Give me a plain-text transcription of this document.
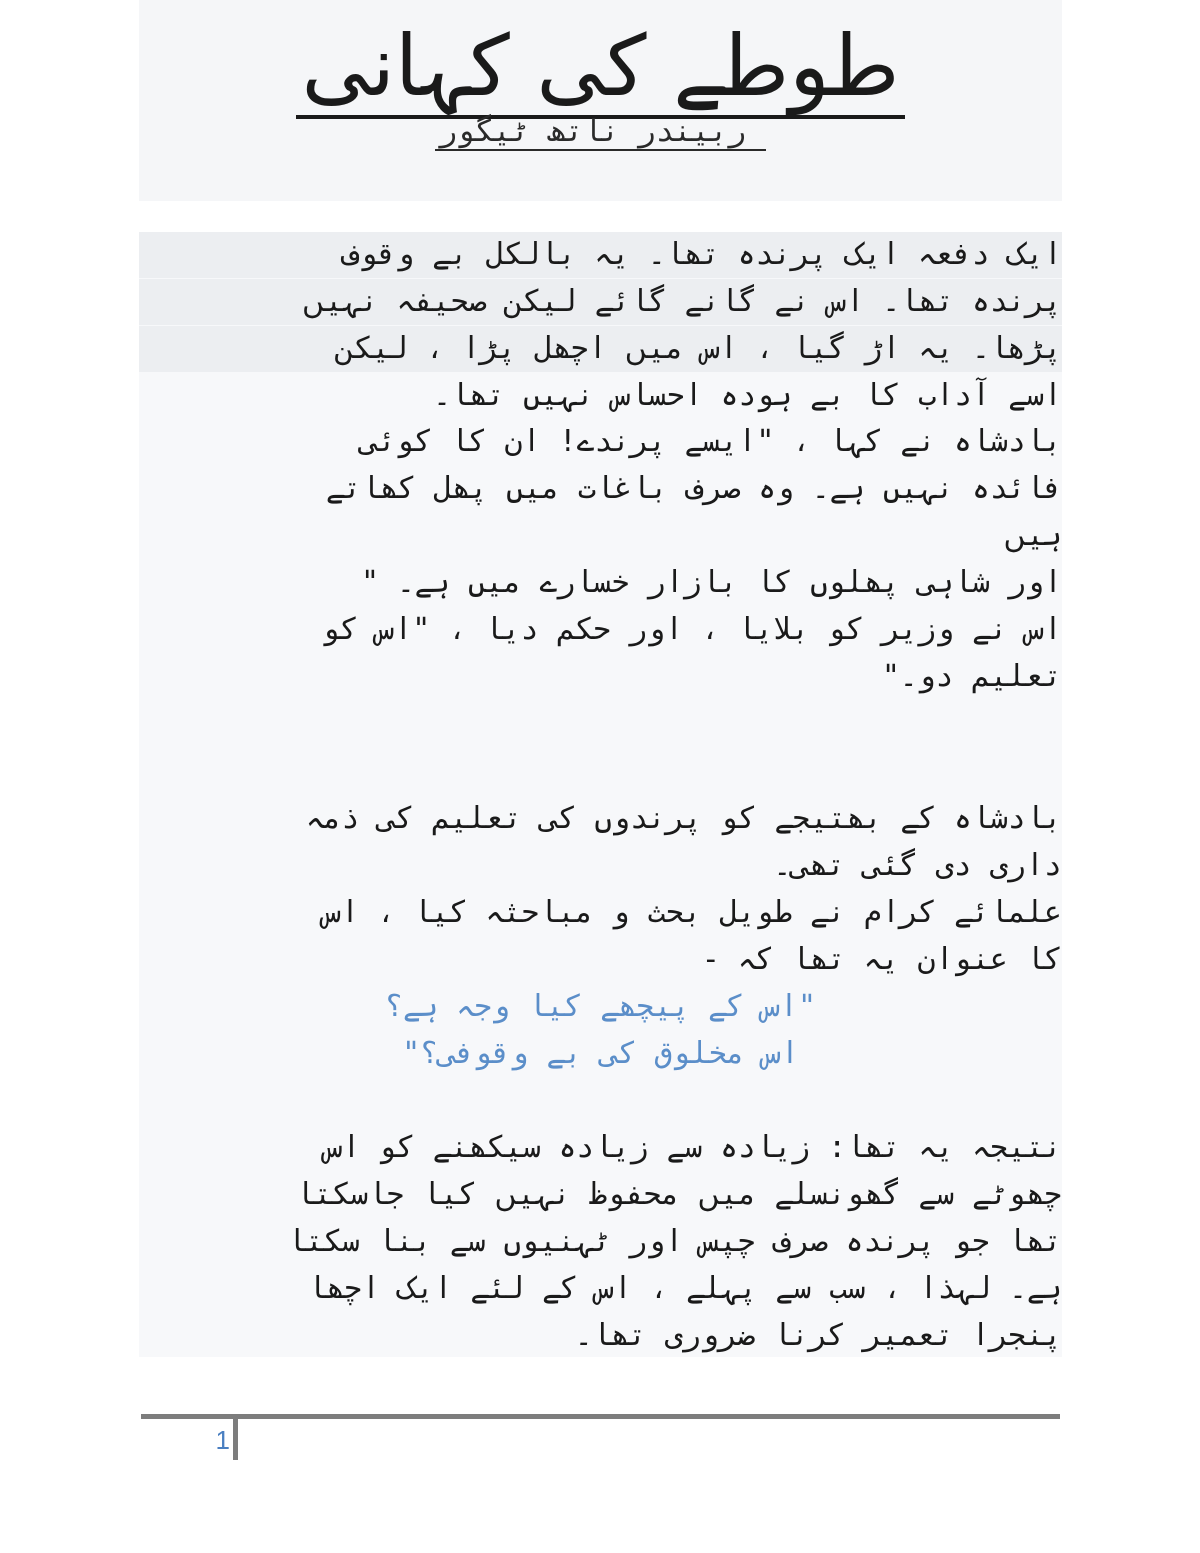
طوطے کی کہانی

ربیندر ناتھ ٹیگور

ایک دفعہ ایک پرندہ تھا۔ یہ بالکل بے وقوف
پرندہ تھا۔ اس نے گانے گائے لیکن صحیفہ نہیں
پڑھا۔ یہ اڑ گیا ، اس میں اچھل پڑا ، لیکن
اسے آداب کا بے ہودہ احساس نہیں تھا۔
بادشاہ نے کہا ، "ایسے پرندے! ان کا کوئی
فائدہ نہیں ہے۔ وہ صرف باغات میں پھل کھاتے
ہیں
اور شاہی پھلوں کا بازار خسارے میں ہے۔ "
اس نے وزیر کو بلایا ، اور حکم دیا ، "اس کو
تعلیم دو۔"
بادشاہ کے بھتیجے کو پرندوں کی تعلیم کی ذمہ
داری دی گئی تھی۔
علمائے کرام نے طویل بحث و مباحثہ کیا ، اس
کا عنوان یہ تھا کہ -
"اس کے پیچھے کیا وجہ ہے؟
اس مخلوق کی بے وقوفی؟"
نتیجہ یہ تھا: زیادہ سے زیادہ سیکھنے کو اس
چھوٹے سے گھونسلے میں محفوظ نہیں کیا جاسکتا
تھا جو پرندہ صرف چپس اور ٹہنیوں سے بنا سکتا
ہے۔ لہذا ، سب سے پہلے ، اس کے لئے ایک اچھا
پنجرا تعمیر کرنا ضروری تھا۔
1
